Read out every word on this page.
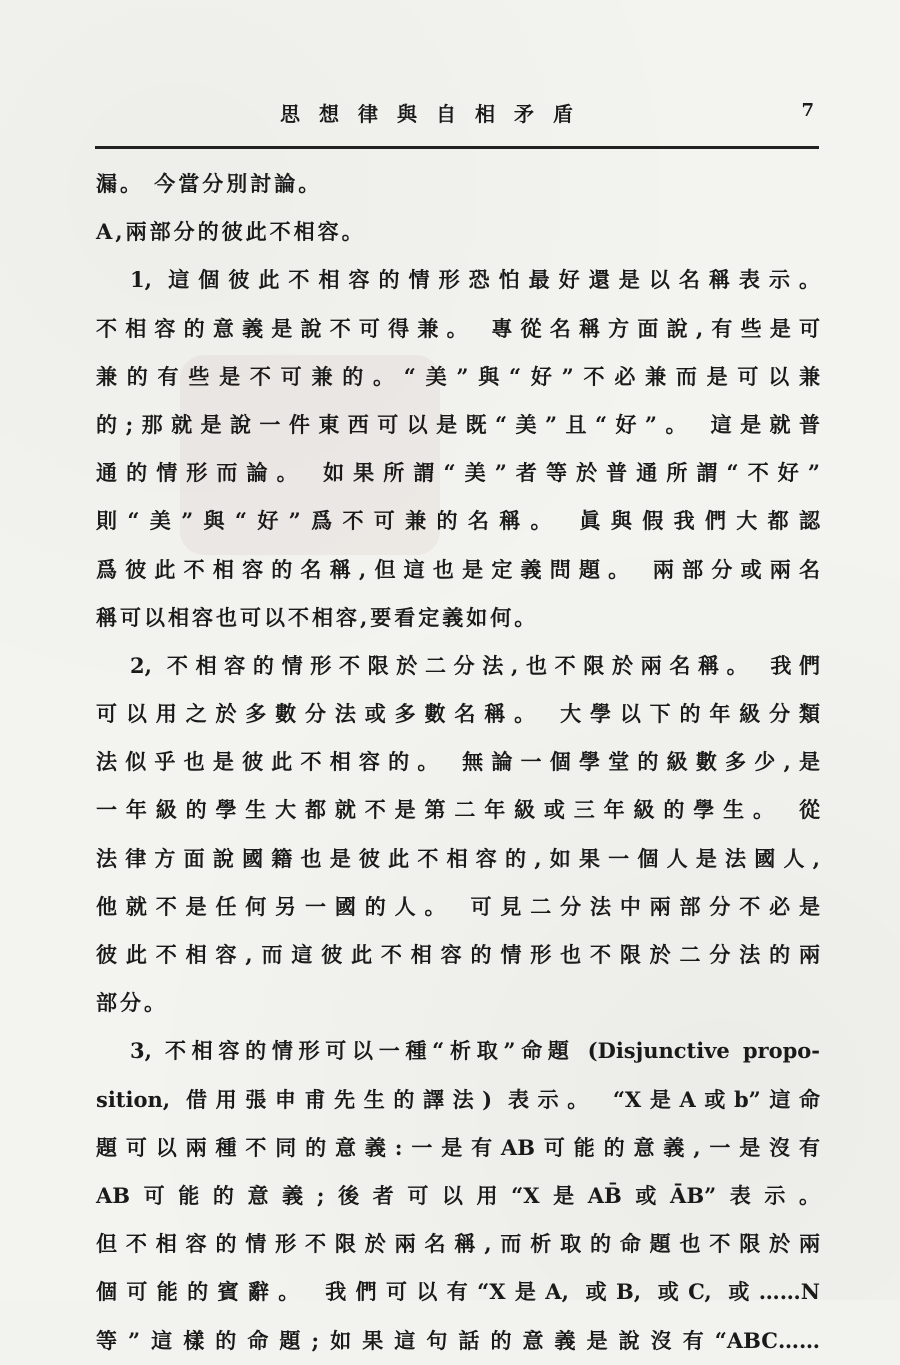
思想律與自相矛盾	7
漏。 今當分別討論。
A,兩部分的彼此不相容。
1, 這個彼此不相容的情形恐怕最好還是以名稱表示。
不相容的意義是說不可得兼。 專從名稱方面說,有些是可
兼的有些是不可兼的。“美”與“好”不必兼而是可以兼
的;那就是說一件東西可以是既“美”且“好”。 這是就普
通的情形而論。 如果所謂“美”者等於普通所謂“不好”
則“美”與“好”爲不可兼的名稱。 眞與假我們大都認
爲彼此不相容的名稱,但這也是定義問題。 兩部分或兩名
稱可以相容也可以不相容,要看定義如何。
2, 不相容的情形不限於二分法,也不限於兩名稱。 我們
可以用之於多數分法或多數名稱。 大學以下的年級分類
法似乎也是彼此不相容的。 無論一個學堂的級數多少,是
一年級的學生大都就不是第二年級或三年級的學生。 從
法律方面說國籍也是彼此不相容的,如果一個人是法國人,
他就不是任何另一國的人。 可見二分法中兩部分不必是
彼此不相容,而這彼此不相容的情形也不限於二分法的兩
部分。
3, 不相容的情形可以一種“析取”命題 (Disjunctive propo-
sition, 借用張申甫先生的譯法) 表示。 “X是A或b”這命
題可以兩種不同的意義:一是有AB可能的意義,一是沒有
AB可能的意義;後者可以用“X是AB̄或ĀB”表示。
但不相容的情形不限於兩名稱,而析取的命題也不限於兩
個可能的賓辭。 我們可以有“X是A, 或B, 或C, 或……N
等”這樣的命題;如果這句話的意義是說沒有“ABC……
